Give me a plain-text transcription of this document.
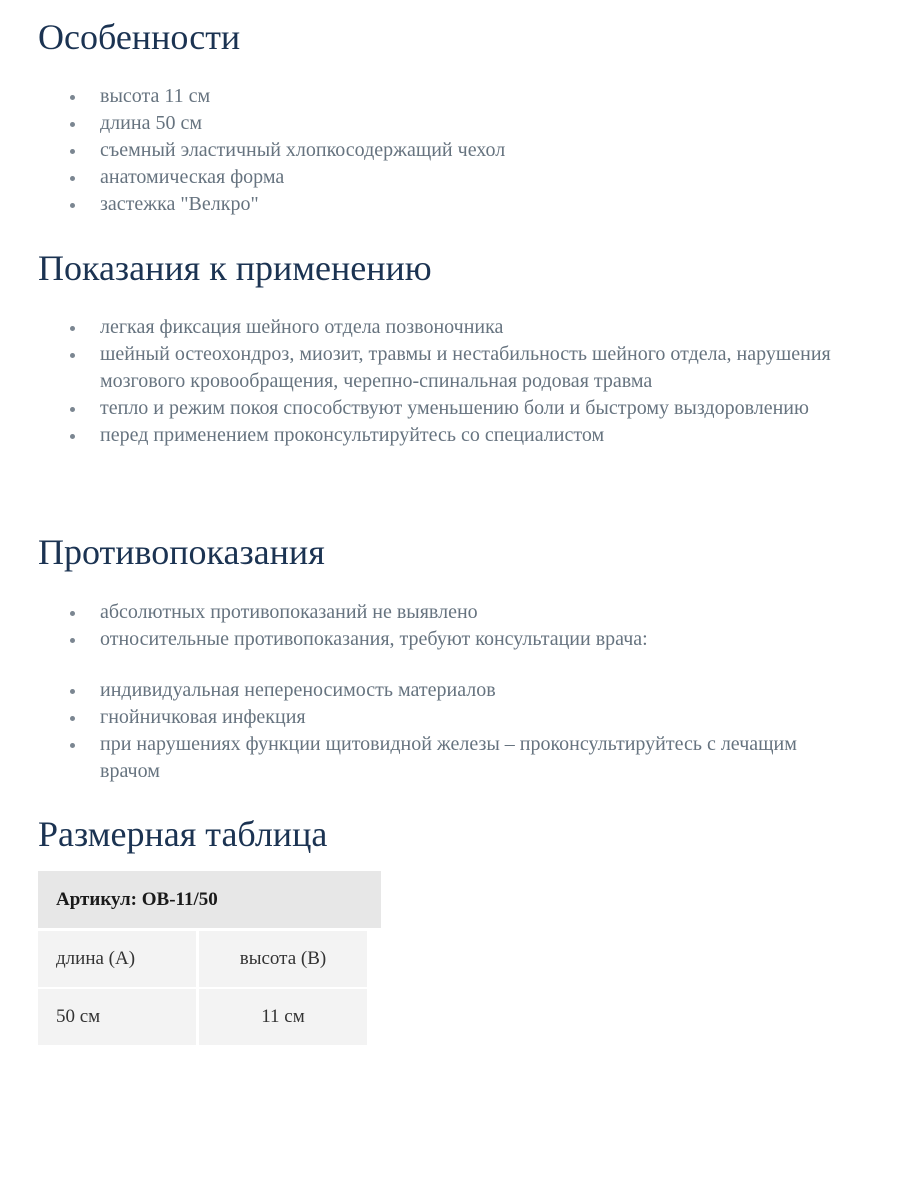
Особенности
высота 11 см
длина 50 см
съемный эластичный хлопкосодержащий чехол
анатомическая форма
застежка "Велкро"
Показания к применению
легкая фиксация шейного отдела позвоночника
шейный остеохондроз, миозит, травмы и нестабильность шейного отдела, нарушения мозгового кровообращения, черепно-спинальная родовая травма
тепло и режим покоя способствуют уменьшению боли и быстрому выздоровлению
перед применением проконсультируйтесь со специалистом
Противопоказания
абсолютных противопоказаний не выявлено
относительные противопоказания, требуют консультации врача:
индивидуальная непереносимость материалов
гнойничковая инфекция
при нарушениях функции щитовидной железы – проконсультируйтесь с лечащим врачом
Размерная таблица
Артикул: OB-11/50
длина (А)	высота (В)
50 см	11 см
